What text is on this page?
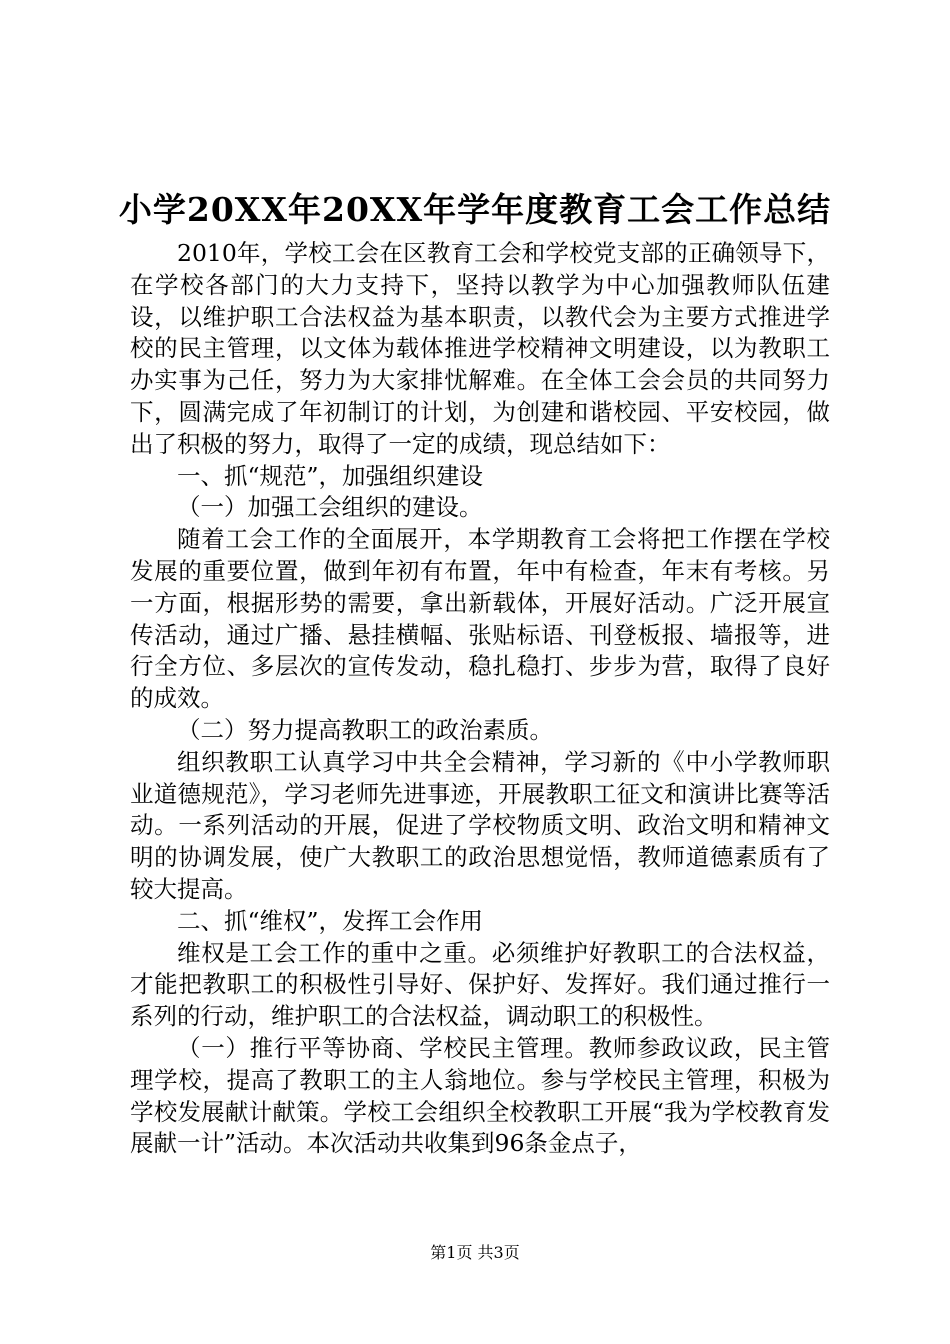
小学20XX年20XX年学年度教育工会工作总结

2010年，学校工会在区教育工会和学校党支部的正确领导下，在学校各部门的大力支持下，坚持以教学为中心加强教师队伍建设，以维护职工合法权益为基本职责，以教代会为主要方式推进学校的民主管理，以文体为载体推进学校精神文明建设，以为教职工办实事为己任，努力为大家排忧解难。在全体工会会员的共同努力下，圆满完成了年初制订的计划，为创建和谐校园、平安校园，做出了积极的努力，取得了一定的成绩，现总结如下：

一、抓“规范”，加强组织建设

（一）加强工会组织的建设。

随着工会工作的全面展开，本学期教育工会将把工作摆在学校发展的重要位置，做到年初有布置，年中有检查，年末有考核。另一方面，根据形势的需要，拿出新载体，开展好活动。广泛开展宣传活动，通过广播、悬挂横幅、张贴标语、刊登板报、墙报等，进行全方位、多层次的宣传发动，稳扎稳打、步步为营，取得了良好的成效。

（二）努力提高教职工的政治素质。

组织教职工认真学习中共全会精神，学习新的《中小学教师职业道德规范》，学习老师先进事迹，开展教职工征文和演讲比赛等活动。一系列活动的开展，促进了学校物质文明、政治文明和精神文明的协调发展，使广大教职工的政治思想觉悟，教师道德素质有了较大提高。

二、抓“维权”，发挥工会作用

维权是工会工作的重中之重。必须维护好教职工的合法权益，才能把教职工的积极性引导好、保护好、发挥好。我们通过推行一系列的行动，维护职工的合法权益，调动职工的积极性。

（一）推行平等协商、学校民主管理。教师参政议政，民主管理学校，提高了教职工的主人翁地位。参与学校民主管理，积极为学校发展献计献策。学校工会组织全校教职工开展“我为学校教育发展献一计”活动。本次活动共收集到96条金点子，

第1页 共3页
